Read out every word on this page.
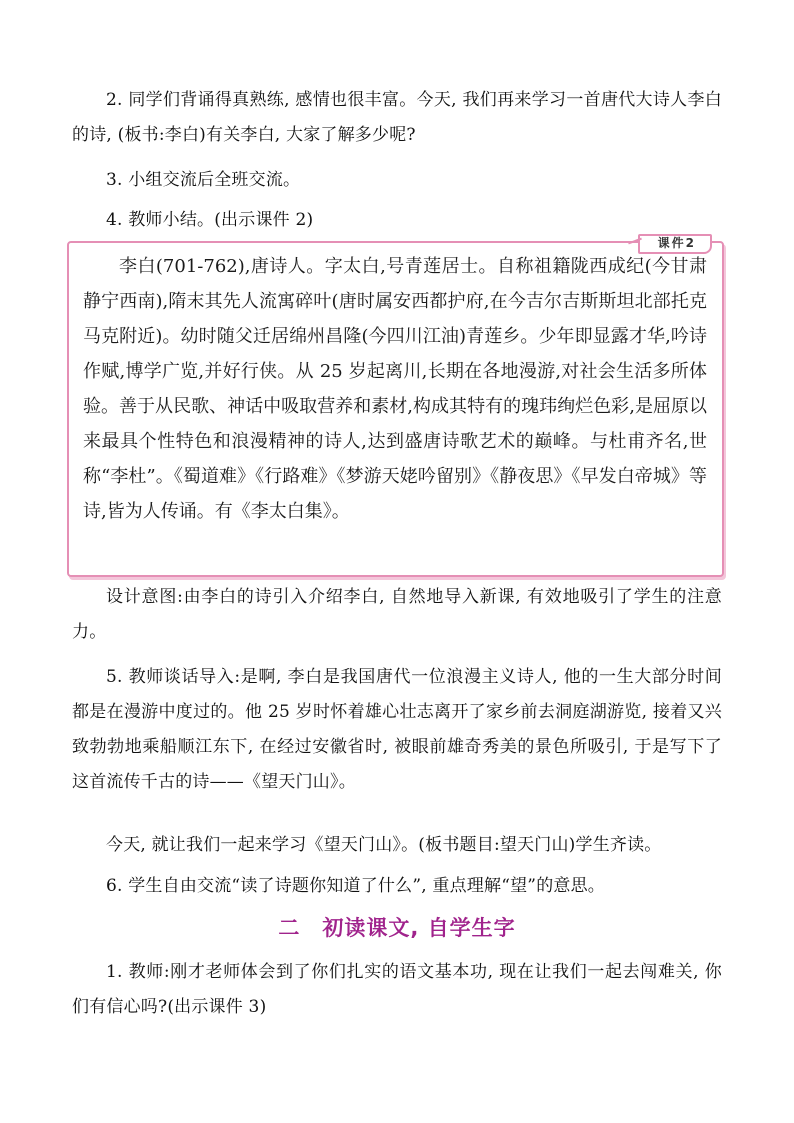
2. 同学们背诵得真熟练, 感情也很丰富。今天, 我们再来学习一首唐代大诗人李白的诗, (板书:李白)有关李白, 大家了解多少呢?

3. 小组交流后全班交流。

4. 教师小结。(出示课件 2)

课件2

李白(701-762),唐诗人。字太白,号青莲居士。自称祖籍陇西成纪(今甘肃静宁西南),隋末其先人流寓碎叶(唐时属安西都护府,在今吉尔吉斯斯坦北部托克马克附近)。幼时随父迁居绵州昌隆(今四川江油)青莲乡。少年即显露才华,吟诗作赋,博学广览,并好行侠。从 25 岁起离川,长期在各地漫游,对社会生活多所体验。善于从民歌、神话中吸取营养和素材,构成其特有的瑰玮绚烂色彩,是屈原以来最具个性特色和浪漫精神的诗人,达到盛唐诗歌艺术的巅峰。与杜甫齐名,世称“李杜”。《蜀道难》《行路难》《梦游天姥吟留别》《静夜思》《早发白帝城》等诗,皆为人传诵。有《李太白集》。

设计意图:由李白的诗引入介绍李白, 自然地导入新课, 有效地吸引了学生的注意力。

5. 教师谈话导入:是啊, 李白是我国唐代一位浪漫主义诗人, 他的一生大部分时间都是在漫游中度过的。他 25 岁时怀着雄心壮志离开了家乡前去洞庭湖游览, 接着又兴致勃勃地乘船顺江东下, 在经过安徽省时, 被眼前雄奇秀美的景色所吸引, 于是写下了这首流传千古的诗——《望天门山》。

今天, 就让我们一起来学习《望天门山》。(板书题目:望天门山)学生齐读。

6. 学生自由交流“读了诗题你知道了什么”, 重点理解“望”的意思。

二　初读课文, 自学生字

1. 教师:刚才老师体会到了你们扎实的语文基本功, 现在让我们一起去闯难关, 你们有信心吗?(出示课件 3)
